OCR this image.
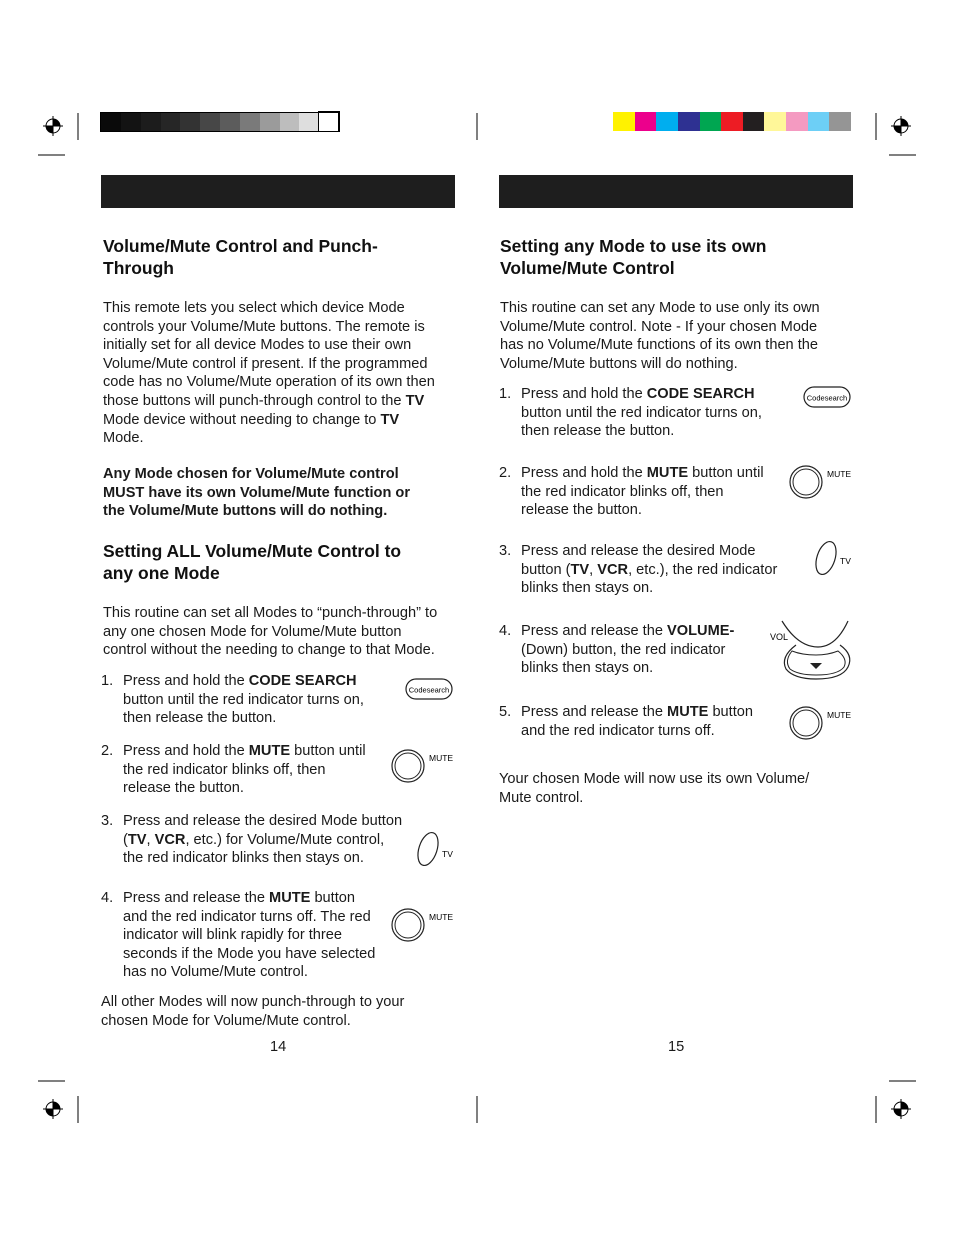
Volume/Mute Control and Punch-
Through

This remote lets you select which device Mode
controls your Volume/Mute buttons. The remote is
initially set for all device Modes to use their own
Volume/Mute control if present. If the programmed
code has no Volume/Mute operation of its own then
those buttons will punch-through control to the TV
Mode device without needing to change to TV
Mode.

Any Mode chosen for Volume/Mute control
MUST have its own Volume/Mute function or
the Volume/Mute buttons will do nothing.

Setting ALL Volume/Mute Control to
any one Mode

This routine can set all Modes to “punch-through” to
any one chosen Mode for Volume/Mute button
control without the needing to change to that Mode.

1. Press and hold the CODE SEARCH
button until the red indicator turns on,
then release the button.
2. Press and hold the MUTE button until
the red indicator blinks off, then
release the button.
3. Press and release the desired Mode button
(TV, VCR, etc.) for Volume/Mute control,
the red indicator blinks then stays on.
4. Press and release the MUTE button
and the red indicator turns off. The red
indicator will blink rapidly for three
seconds if the Mode you have selected
has no Volume/Mute control.

All other Modes will now punch-through to your
chosen Mode for Volume/Mute control.

14
Codesearch
MUTE
TV
MUTE
Setting any Mode to use its own
Volume/Mute Control

This routine can set any Mode to use only its own
Volume/Mute control. Note - If your chosen Mode
has no Volume/Mute functions of its own then the
Volume/Mute buttons will do nothing.

1. Press and hold the CODE SEARCH
button until the red indicator turns on,
then release the button.
2. Press and hold the MUTE button until
the red indicator blinks off, then
release the button.
3. Press and release the desired Mode
button (TV, VCR, etc.), the red indicator
blinks then stays on.
4. Press and release the VOLUME-
(Down) button, the red indicator
blinks then stays on.
5. Press and release the MUTE button
and the red indicator turns off.

Your chosen Mode will now use its own Volume/
Mute control.

15
Codesearch
MUTE
TV
VOL
MUTE
